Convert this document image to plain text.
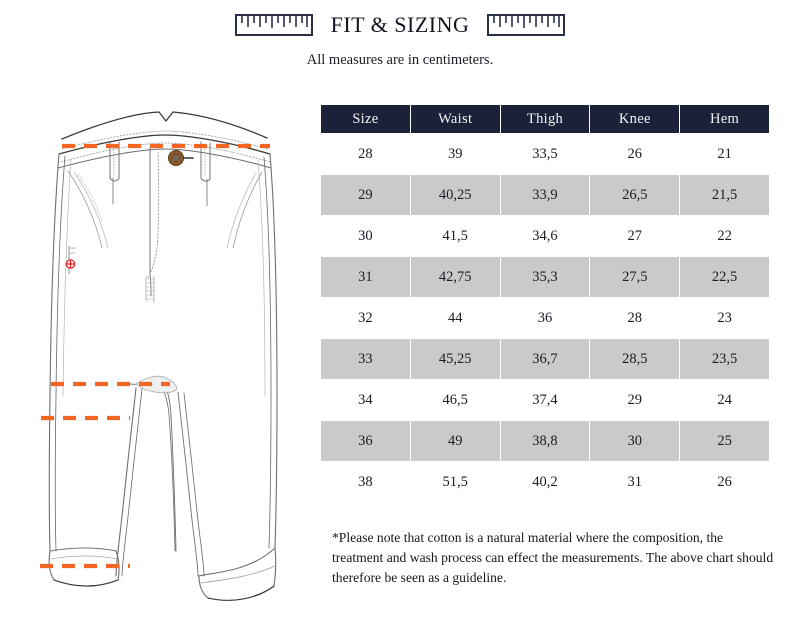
FIT & SIZING
All measures are in centimeters.
Size	Waist	Thigh	Knee	Hem
28	39	33,5	26	21
29	40,25	33,9	26,5	21,5
30	41,5	34,6	27	22
31	42,75	35,3	27,5	22,5
32	44	36	28	23
33	45,25	36,7	28,5	23,5
34	46,5	37,4	29	24
36	49	38,8	30	25
38	51,5	40,2	31	26
*Please note that cotton is a natural material where the composition, the treatment and wash process can effect the measurements. The above chart should therefore be seen as a guideline.
